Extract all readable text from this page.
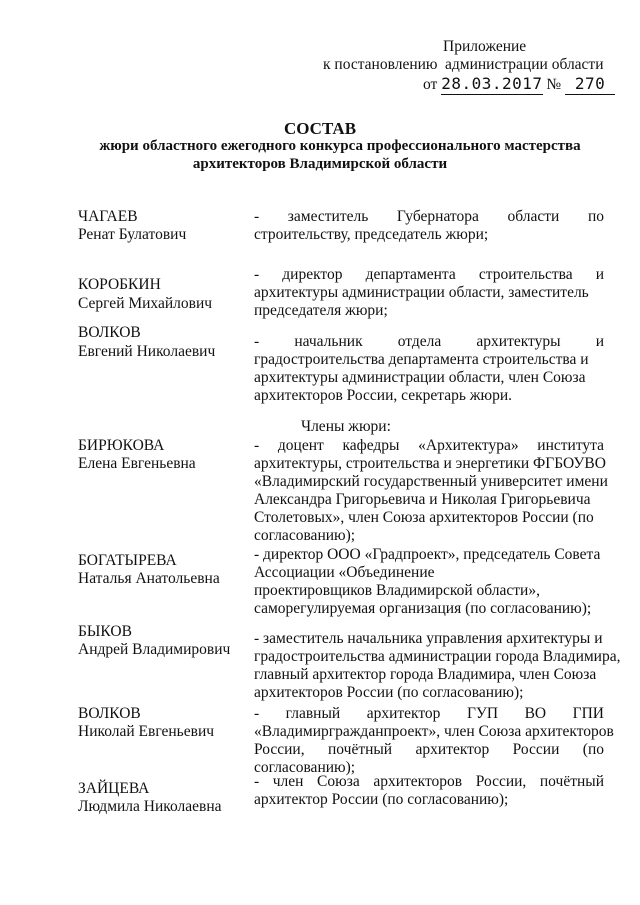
Приложение
к постановлению администрации области
от 28.03.2017 № 270
СОСТАВ
жюри областного ежегодного конкурса профессионального мастерства
архитекторов Владимирской области
ЧАГАЕВ
Ренат Булатович
-   заместитель   Губернатора   области   по
строительству, председатель жюри;
КОРОБКИН
Сергей Михайлович
-   директор   департамента   строительства   и
архитектуры администрации области, заместитель
председателя жюри;
ВОЛКОВ
Евгений Николаевич
-   начальник   отдела   архитектуры   и
градостроительства департамента строительства и
архитектуры администрации области, член Союза
архитекторов России, секретарь жюри.
Члены жюри:
БИРЮКОВА
Елена Евгеньевна
-  доцент  кафедры  «Архитектура»  института
архитектуры, строительства и энергетики ФГБОУВО
«Владимирский государственный университет имени
Александра Григорьевича и Николая Григорьевича
Столетовых», член Союза архитекторов России (по
согласованию);
БОГАТЫРЕВА
Наталья Анатольевна
- директор ООО «Градпроект», председатель Совета
Ассоциации «Объединение
проектировщиков Владимирской области»,
саморегулируемая организация (по согласованию);
БЫКОВ
Андрей Владимирович
- заместитель начальника управления архитектуры и
градостроительства администрации города Владимира,
главный архитектор города Владимира, член Союза
архитекторов России (по согласованию);
ВОЛКОВ
Николай Евгеньевич
-   главный   архитектор   ГУП   ВО   ГПИ
«Владимиргражданпроект», член Союза архитекторов
России,   почётный   архитектор   России   (по
согласованию);
ЗАЙЦЕВА
Людмила Николаевна
-  член  Союза  архитекторов  России,  почётный
архитектор России (по согласованию);
